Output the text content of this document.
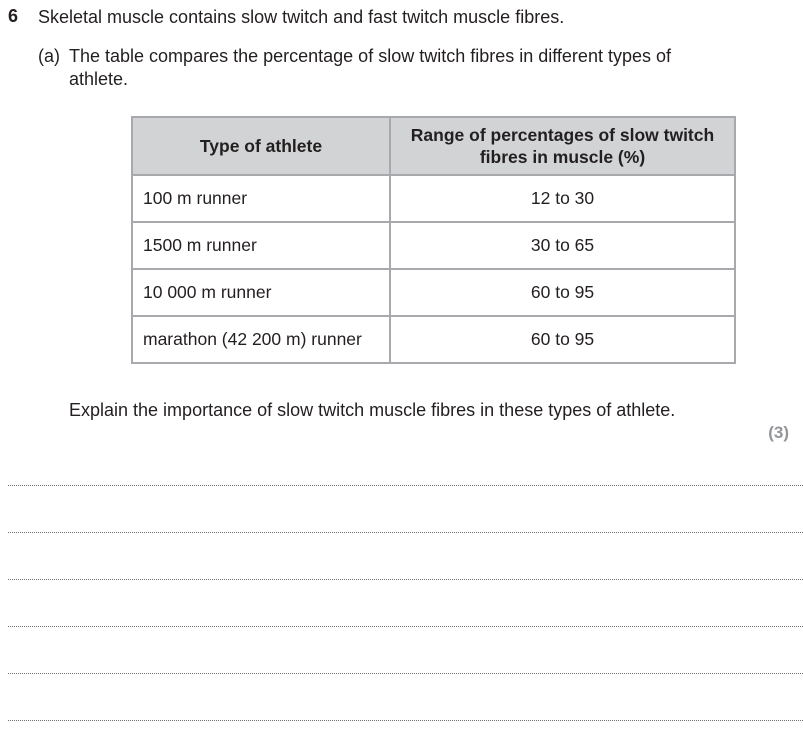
6 Skeletal muscle contains slow twitch and fast twitch muscle fibres.
(a) The table compares the percentage of slow twitch fibres in different types of athlete.
Type of athlete	Range of percentages of slow twitch fibres in muscle (%)
100 m runner	12 to 30
1500 m runner	30 to 65
10 000 m runner	60 to 95
marathon (42 200 m) runner	60 to 95
Explain the importance of slow twitch muscle fibres in these types of athlete.
(3)
